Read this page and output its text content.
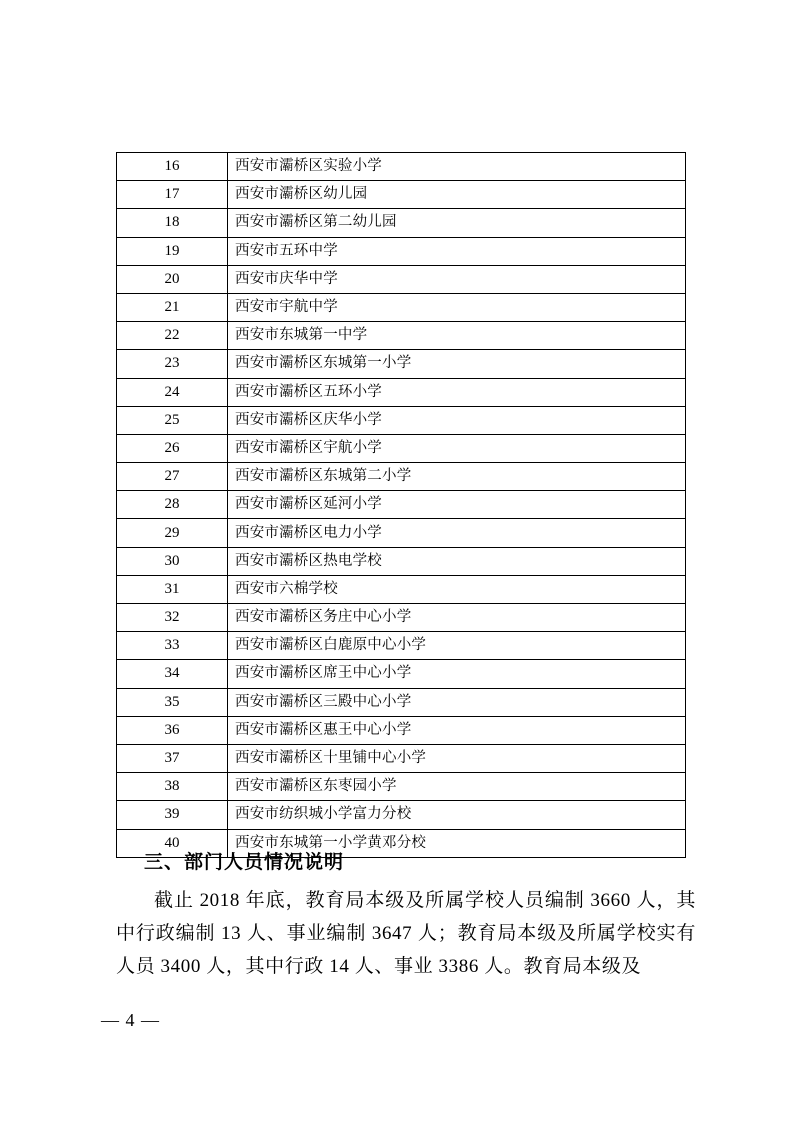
16	西安市灞桥区实验小学
17	西安市灞桥区幼儿园
18	西安市灞桥区第二幼儿园
19	西安市五环中学
20	西安市庆华中学
21	西安市宇航中学
22	西安市东城第一中学
23	西安市灞桥区东城第一小学
24	西安市灞桥区五环小学
25	西安市灞桥区庆华小学
26	西安市灞桥区宇航小学
27	西安市灞桥区东城第二小学
28	西安市灞桥区延河小学
29	西安市灞桥区电力小学
30	西安市灞桥区热电学校
31	西安市六棉学校
32	西安市灞桥区务庄中心小学
33	西安市灞桥区白鹿原中心小学
34	西安市灞桥区席王中心小学
35	西安市灞桥区三殿中心小学
36	西安市灞桥区惠王中心小学
37	西安市灞桥区十里铺中心小学
38	西安市灞桥区东枣园小学
39	西安市纺织城小学富力分校
40	西安市东城第一小学黄邓分校
三、部门人员情况说明

截止 2018 年底，教育局本级及所属学校人员编制 3660 人，其中行政编制 13 人、事业编制 3647 人；教育局本级及所属学校实有人员 3400 人，其中行政 14 人、事业 3386 人。教育局本级及

— 4 —
